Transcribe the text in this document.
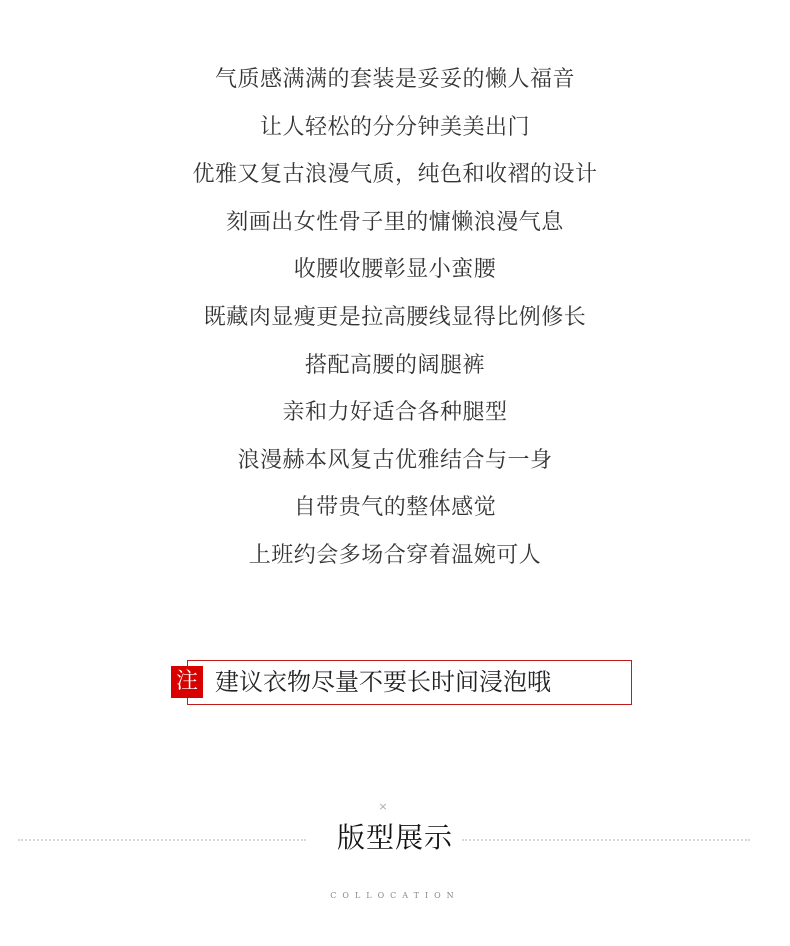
气质感满满的套装是妥妥的懒人福音
让人轻松的分分钟美美出门
优雅又复古浪漫气质，纯色和收褶的设计
刻画出女性骨子里的慵懒浪漫气息
收腰收腰彰显小蛮腰
既藏肉显瘦更是拉高腰线显得比例修长
搭配高腰的阔腿裤
亲和力好适合各种腿型
浪漫赫本风复古优雅结合与一身
自带贵气的整体感觉
上班约会多场合穿着温婉可人
注 建议衣物尽量不要长时间浸泡哦
×
版型展示
COLLOCATION
